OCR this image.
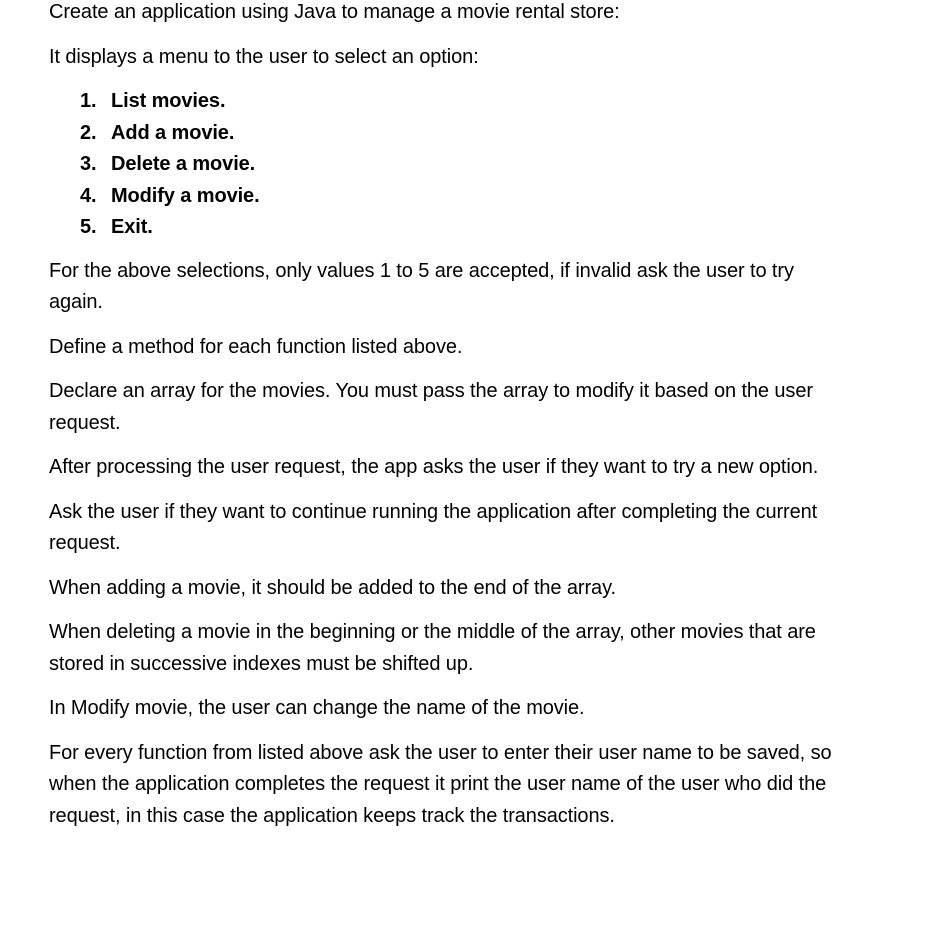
Create an application using Java to manage a movie rental store:

It displays a menu to the user to select an option:

1. List movies.
2. Add a movie.
3. Delete a movie.
4. Modify a movie.
5. Exit.

For the above selections, only values 1 to 5 are accepted, if invalid ask the user to try again.

Define a method for each function listed above.

Declare an array for the movies. You must pass the array to modify it based on the user request.

After processing the user request, the app asks the user if they want to try a new option.

Ask the user if they want to continue running the application after completing the current request.

When adding a movie, it should be added to the end of the array.

When deleting a movie in the beginning or the middle of the array, other movies that are stored in successive indexes must be shifted up.

In Modify movie, the user can change the name of the movie.

For every function from listed above ask the user to enter their user name to be saved, so when the application completes the request it print the user name of the user who did the request, in this case the application keeps track the transactions.
